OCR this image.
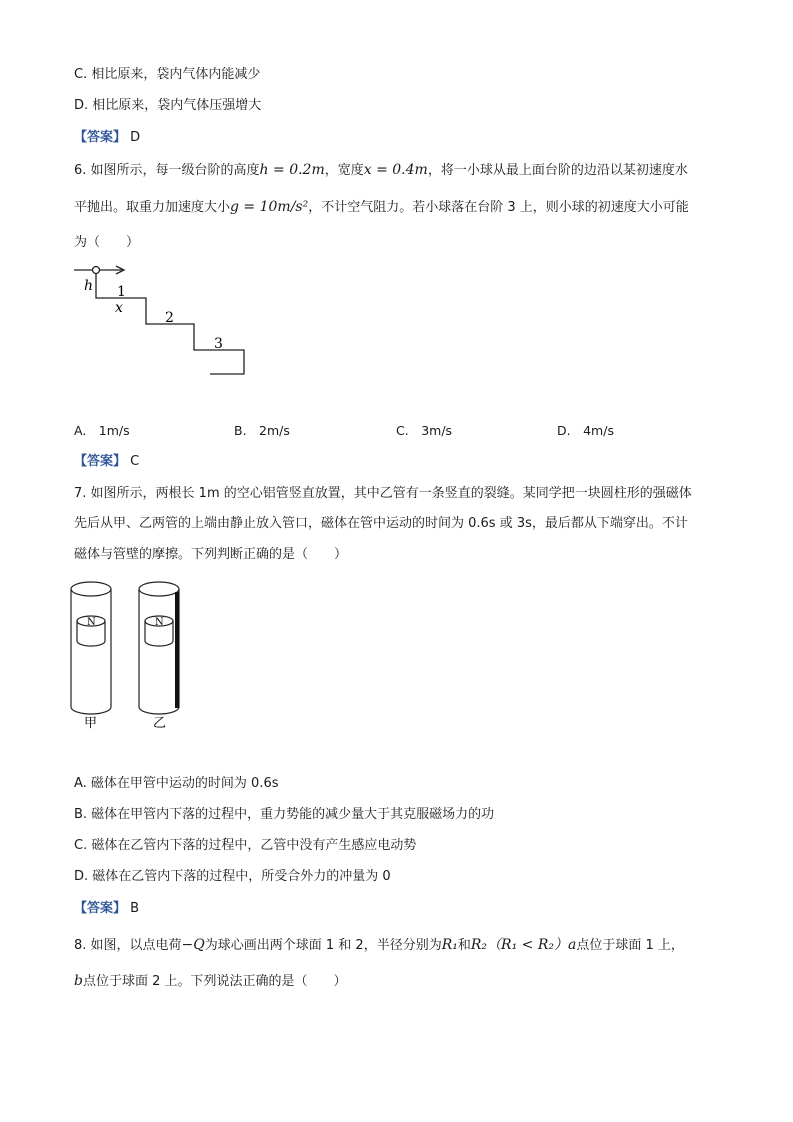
C. 相比原来，袋内气体内能减少
D. 相比原来，袋内气体压强增大
【答案】 D
6. 如图所示，每一级台阶的高度h = 0.2m，宽度x = 0.4m，将一小球从最上面台阶的边沿以某初速度水
平抛出。取重力加速度大小g = 10m/s²，不计空气阻力。若小球落在台阶 3 上，则小球的初速度大小可能
为（　　）
h
x
1
2
3
A.　1m/s	B.　2m/s	C.　3m/s	D.　4m/s
【答案】 C
7. 如图所示，两根长 1m 的空心铝管竖直放置，其中乙管有一条竖直的裂缝。某同学把一块圆柱形的强磁体
先后从甲、乙两管的上端由静止放入管口，磁体在管中运动的时间为 0.6s 或 3s，最后都从下端穿出。不计
磁体与管壁的摩擦。下列判断正确的是（　　）
N	N
甲	乙
A. 磁体在甲管中运动的时间为 0.6s
B. 磁体在甲管内下落的过程中，重力势能的减少量大于其克服磁场力的功
C. 磁体在乙管内下落的过程中，乙管中没有产生感应电动势
D. 磁体在乙管内下落的过程中，所受合外力的冲量为 0
【答案】 B
8. 如图，以点电荷−Q为球心画出两个球面 1 和 2，半径分别为R₁和R₂（R₁ < R₂）a点位于球面 1 上，
b点位于球面 2 上。下列说法正确的是（　　）
